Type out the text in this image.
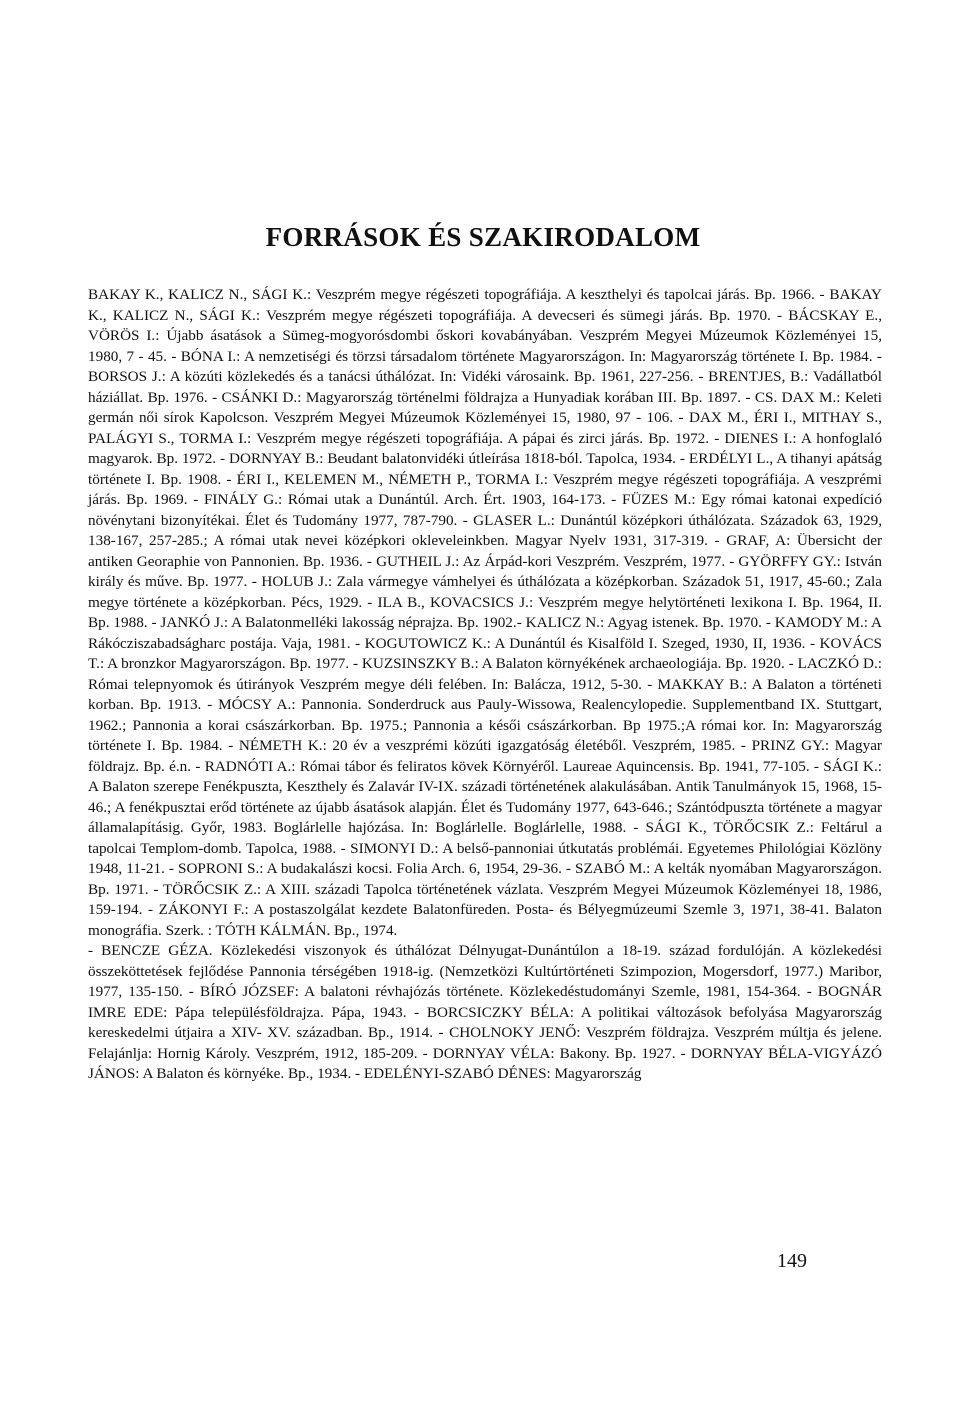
FORRÁSOK ÉS SZAKIRODALOM

BAKAY K., KALICZ N., SÁGI K.: Veszprém megye régészeti topográfiája. A keszthelyi és tapolcai járás. Bp. 1966. - BAKAY K., KALICZ N., SÁGI K.: Veszprém megye régészeti topográfiája. A devecseri és sümegi járás. Bp. 1970. - BÁCSKAY E., VÖRÖS I.: Újabb ásatások a Sümeg-mogyorósdombi őskori kovabányában. Veszprém Megyei Múzeumok Közleményei 15, 1980, 7 - 45. - BÓNA I.: A nemzetiségi és törzsi társadalom története Magyarországon. In: Magyarország története I. Bp. 1984. - BORSOS J.: A közúti közlekedés és a tanácsi úthálózat. In: Vidéki városaink. Bp. 1961, 227-256. - BRENTJES, B.: Vadállatból háziállat. Bp. 1976. - CSÁNKI D.: Magyarország történelmi földrajza a Hunyadiak korában III. Bp. 1897. - CS. DAX M.: Keleti germán női sírok Kapolcson. Veszprém Megyei Múzeumok Közleményei 15, 1980, 97 - 106. - DAX M., ÉRI I., MITHAY S., PALÁGYI S., TORMA I.: Veszprém megye régészeti topográfiája. A pápai és zirci járás. Bp. 1972. - DIENES I.: A honfoglaló magyarok. Bp. 1972. - DORNYAY B.: Beudant balatonvidéki útleírása 1818-ból. Tapolca, 1934. - ERDÉLYI L., A tihanyi apátság története I. Bp. 1908. - ÉRI I., KELEMEN M., NÉMETH P., TORMA I.: Veszprém megye régészeti topográfiája. A veszprémi járás. Bp. 1969. - FINÁLY G.: Római utak a Dunántúl. Arch. Ért. 1903, 164-173. - FÜZES M.: Egy római katonai expedíció növénytani bizonyítékai. Élet és Tudomány 1977, 787-790. - GLASER L.: Dunántúl középkori úthálózata. Századok 63, 1929, 138-167, 257-285.; A római utak nevei középkori okleveleinkben. Magyar Nyelv 1931, 317-319. - GRAF, A: Übersicht der antiken Georaphie von Pannonien. Bp. 1936. - GUTHEIL J.: Az Árpád-kori Veszprém. Veszprém, 1977. - GYÖRFFY GY.: István király és műve. Bp. 1977. - HOLUB J.: Zala vármegye vámhelyei és úthálózata a középkorban. Századok 51, 1917, 45-60.; Zala megye története a középkorban. Pécs, 1929. - ILA B., KOVACSICS J.: Veszprém megye helytörténeti lexikona I. Bp. 1964, II. Bp. 1988. - JANKÓ J.: A Balatonmelléki lakosság néprajza. Bp. 1902.- KALICZ N.: Agyag istenek. Bp. 1970. - KAMODY M.: A Rákócziszabadságharc postája. Vaja, 1981. - KOGUTOWICZ K.: A Dunántúl és Kisalföld I. Szeged, 1930, II, 1936. - KOVÁCS T.: A bronzkor Magyarországon. Bp. 1977. - KUZSINSZKY B.: A Balaton környékének archaeologiája. Bp. 1920. - LACZKÓ D.: Római telepnyomok és útirányok Veszprém megye déli felében. In: Balácza, 1912, 5-30. - MAKKAY B.: A Balaton a történeti korban. Bp. 1913. - MÓCSY A.: Pannonia. Sonderdruck aus Pauly-Wissowa, Realencylopedie. Supplementband IX. Stuttgart, 1962.; Pannonia a korai császárkorban. Bp. 1975.; Pannonia a késői császárkorban. Bp 1975.;A római kor. In: Magyarország története I. Bp. 1984. - NÉMETH K.: 20 év a veszprémi közúti igazgatóság életéből. Veszprém, 1985. - PRINZ GY.: Magyar földrajz. Bp. é.n. - RADNÓTI A.: Római tábor és feliratos kövek Környéről. Laureae Aquincensis. Bp. 1941, 77-105. - SÁGI K.: A Balaton szerepe Fenékpuszta, Keszthely és Zalavár IV-IX. századi történetének alakulásában. Antik Tanulmányok 15, 1968, 15-46.; A fenékpusztai erőd története az újabb ásatások alapján. Élet és Tudomány 1977, 643-646.; Szántódpuszta története a magyar államalapításig. Győr, 1983. Boglárlelle hajózása. In: Boglárlelle. Boglárlelle, 1988. - SÁGI K., TÖRŐCSIK Z.: Feltárul a tapolcai Templom-domb. Tapolca, 1988. - SIMONYI D.: A belső-pannoniai útkutatás problémái. Egyetemes Philológiai Közlöny 1948, 11-21. - SOPRONI S.: A budakalászi kocsi. Folia Arch. 6, 1954, 29-36. - SZABÓ M.: A kelták nyomában Magyarországon. Bp. 1971. - TÖRŐCSIK Z.: A XIII. századi Tapolca történetének vázlata. Veszprém Megyei Múzeumok Közleményei 18, 1986, 159-194. - ZÁKONYI F.: A postaszolgálat kezdete Balatonfüreden. Posta- és Bélyegmúzeumi Szemle 3, 1971, 38-41. Balaton monográfia. Szerk. : TÓTH KÁLMÁN. Bp., 1974.

- BENCZE GÉZA. Közlekedési viszonyok és úthálózat Délnyugat-Dunántúlon a 18-19. század fordulóján. A közlekedési összeköttetések fejlődése Pannonia térségében 1918-ig. (Nemzetközi Kultúrtörténeti Szimpozion, Mogersdorf, 1977.) Maribor, 1977, 135-150. - BÍRÓ JÓZSEF: A balatoni révhajózás története. Közlekedéstudományi Szemle, 1981, 154-364. - BOGNÁR IMRE EDE: Pápa településföldrajza. Pápa, 1943. - BORCSICZKY BÉLA: A politikai változások befolyása Magyarország kereskedelmi útjaira a XIV- XV. században. Bp., 1914. - CHOLNOKY JENŐ: Veszprém földrajza. Veszprém múltja és jelene. Felajánlja: Hornig Károly. Veszprém, 1912, 185-209. - DORNYAY VÉLA: Bakony. Bp. 1927. - DORNYAY BÉLA-VIGYÁZÓ JÁNOS: A Balaton és környéke. Bp., 1934. - EDELÉNYI-SZABÓ DÉNES: Magyarország

149
